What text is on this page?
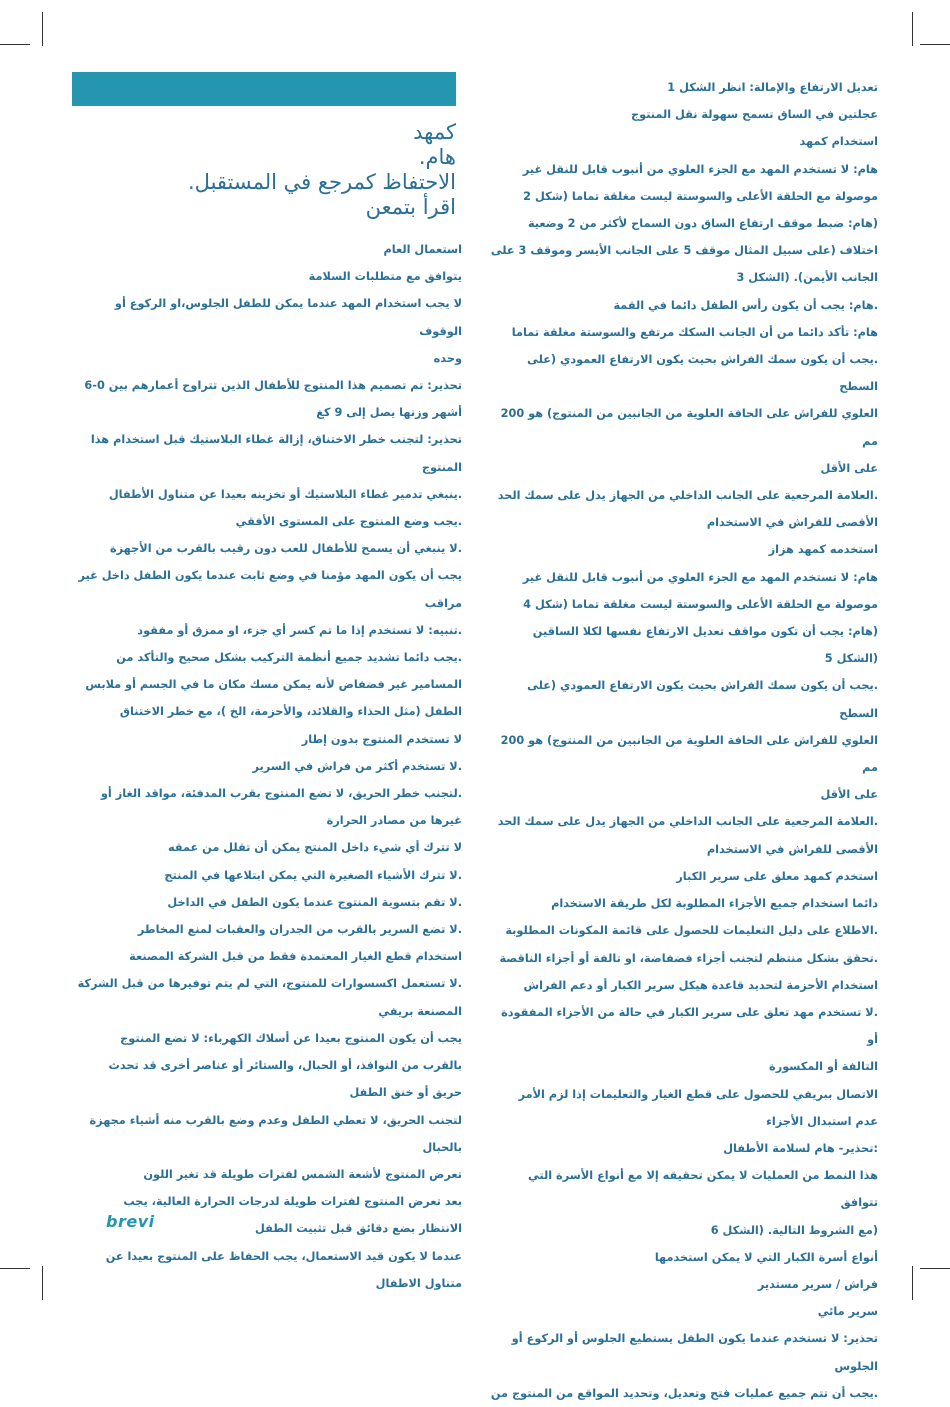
كمهد

هام.

الاحتفاظ كمرجع في المستقبل.

اقرأ بتمعن

تعديل الارتفاع والإمالة: انظر الشكل 1

عجلتين في الساق تسمح سهولة نقل المنتوج

استخدام كمهد

هام: لا تستخدم المهد مع الجزء العلوي من أنبوب قابل للنقل غير

موصولة مع الحلقة الأعلى والسوستة ليست مغلقة تماما (شكل 2

(هام: ضبط موقف ارتفاع الساق دون السماح لأكثر من 2 وضعية

اختلاف (على سبيل المثال موقف 5 على الجانب الأيسر وموقف 3 على

الجانب الأيمن). (الشكل 3

.هام: يجب أن يكون رأس الطفل دائما في القمة

هام: تأكد دائما من أن الجانب السكك مرتفع والسوستة مغلقة تماما

.يجب أن يكون سمك الفراش بحيث يكون الارتفاع العمودي (على السطح

العلوي للفراش على الحافة العلوية من الجانبين من المنتوج) هو 200 مم

على الأقل

.العلامة المرجعية على الجانب الداخلي من الجهاز يدل على سمك الحد

الأقصى للفراش في الاستخدام

استخدمه كمهد هزاز

هام: لا تستخدم المهد مع الجزء العلوي من أنبوب قابل للنقل غير

موصولة مع الحلقة الأعلى والسوستة ليست مغلقة تماما (شكل 4

(هام: يجب أن تكون مواقف تعديل الارتفاع نفسها لكلا الساقين (الشكل 5

.يجب أن يكون سمك الفراش بحيث يكون الارتفاع العمودي (على السطح

العلوي للفراش على الحافة العلوية من الجانبين من المنتوج) هو 200 مم

على الأقل

.العلامة المرجعية على الجانب الداخلي من الجهاز يدل على سمك الحد

الأقصى للفراش في الاستخدام

استخدم كمهد معلق على سرير الكبار

دائما استخدام جميع الأجزاء المطلوبة لكل طريقة الاستخدام

.الاطلاع على دليل التعليمات للحصول على قائمة المكونات المطلوبة

.تحقق بشكل منتظم لتجنب أجزاء فضفاضة، او تالفة أو أجزاء الناقصة

استخدام الأحزمة لتحديد قاعدة هيكل سرير الكبار أو دعم الفراش

.لا تستخدم مهد تعلق على سرير الكبار في حالة من الأجزاء المفقودة أو

التالفة أو المكسورة

الاتصال ببريفي للحصول على قطع الغيار والتعليمات إذا لزم الأمر

عدم استبدال الأجزاء

:تحذير- هام لسلامة الأطفال

هذا النمط من العمليات لا يمكن تحقيقه إلا مع أنواع الأسرة التي تتوافق

(مع الشروط التالية. (الشكل 6

أنواع أسرة الكبار التي لا يمكن استخدمها

فراش / سرير مستدير

سرير مائي

تحذير: لا تستخدم عندما يكون الطفل يستطيع الجلوس أو الركوع أو

الجلوس

.يجب أن تتم جميع عمليات فتح وتعديل، وتحديد المواقع من المنتوج من

استعمال العام

يتوافق مع متطلبات السلامة

لا يجب استخدام المهد عندما يمكن للطفل الجلوس،او الركوع أو الوقوف

وحده

تحذير: تم تصميم هذا المنتوج للأطفال الذين تتراوح أعمارهم بين 0-6

أشهر وزنها يصل إلى 9 كغ

تحذير: لتجنب خطر الاختناق، إزالة غطاء البلاستيك قبل استخدام هذا

المنتوج

.ينبغي تدمير غطاء البلاستيك أو تخزينه بعيدا عن متناول الأطفال

.يجب وضع المنتوج على المستوى الأفقي

.لا ينبغي أن يسمح للأطفال للعب دون رقيب بالقرب من الأجهزة

يجب أن يكون المهد مؤمنا في وضع ثابت عندما يكون الطفل داخل غير

مراقب

.تنبيه: لا تستخدم إذا ما تم كسر أي جزء، او ممزق أو مفقود

.يجب دائما تشديد جميع أنظمة التركيب بشكل صحيح والتأكد من

المسامير غير فضفاض لأنه يمكن مسك مكان ما في الجسم أو ملابس

الطفل (مثل الحذاء والقلائد، والأحزمة، الخ )، مع خطر الاختناق

لا تستخدم المنتوج بدون إطار

.لا تستخدم أكثر من فراش في السرير

.لتجنب خطر الحريق، لا تضع المنتوج بقرب المدفئة، مواقد الغاز أو

غيرها من مصادر الحرارة

لا تترك أي شيء داخل المنتج يمكن أن تقلل من عمقه

.لا تترك الأشياء الصغيرة التي يمكن ابتلاعها في المنتج

.لا تقم بتسوية المنتوج عندما يكون الطفل في الداخل

.لا تضع السرير بالقرب من الجدران والعقبات لمنع المخاطر

استخدام قطع الغيار المعتمدة فقط من قبل الشركة المصنعة

.لا تستعمل اكسسوارات للمنتوج، التي لم يتم توفيرها من قبل الشركة

المصنعة بريفي

يجب أن يكون المنتوج بعيدا عن أسلاك الكهرباء: لا تضع المنتوج

بالقرب من النوافذ، أو الحبال، والستائر أو عناصر أخرى قد تحدث

حريق أو خنق الطفل

لتجنب الحريق، لا تعطي الطفل وعدم وضع بالقرب منه أشياء مجهزة

بالحبال

تعرض المنتوج لأشعة الشمس لفترات طويلة قد تغير اللون

بعد تعرض المنتوج لفترات طويلة لدرجات الحرارة العالية، يجب

الانتظار بضع دقائق قبل تثبيت الطفل

عندما لا يكون قيد الاستعمال، يجب الحفاظ على المنتوج بعيدا عن

متناول الاطفال

brevi
